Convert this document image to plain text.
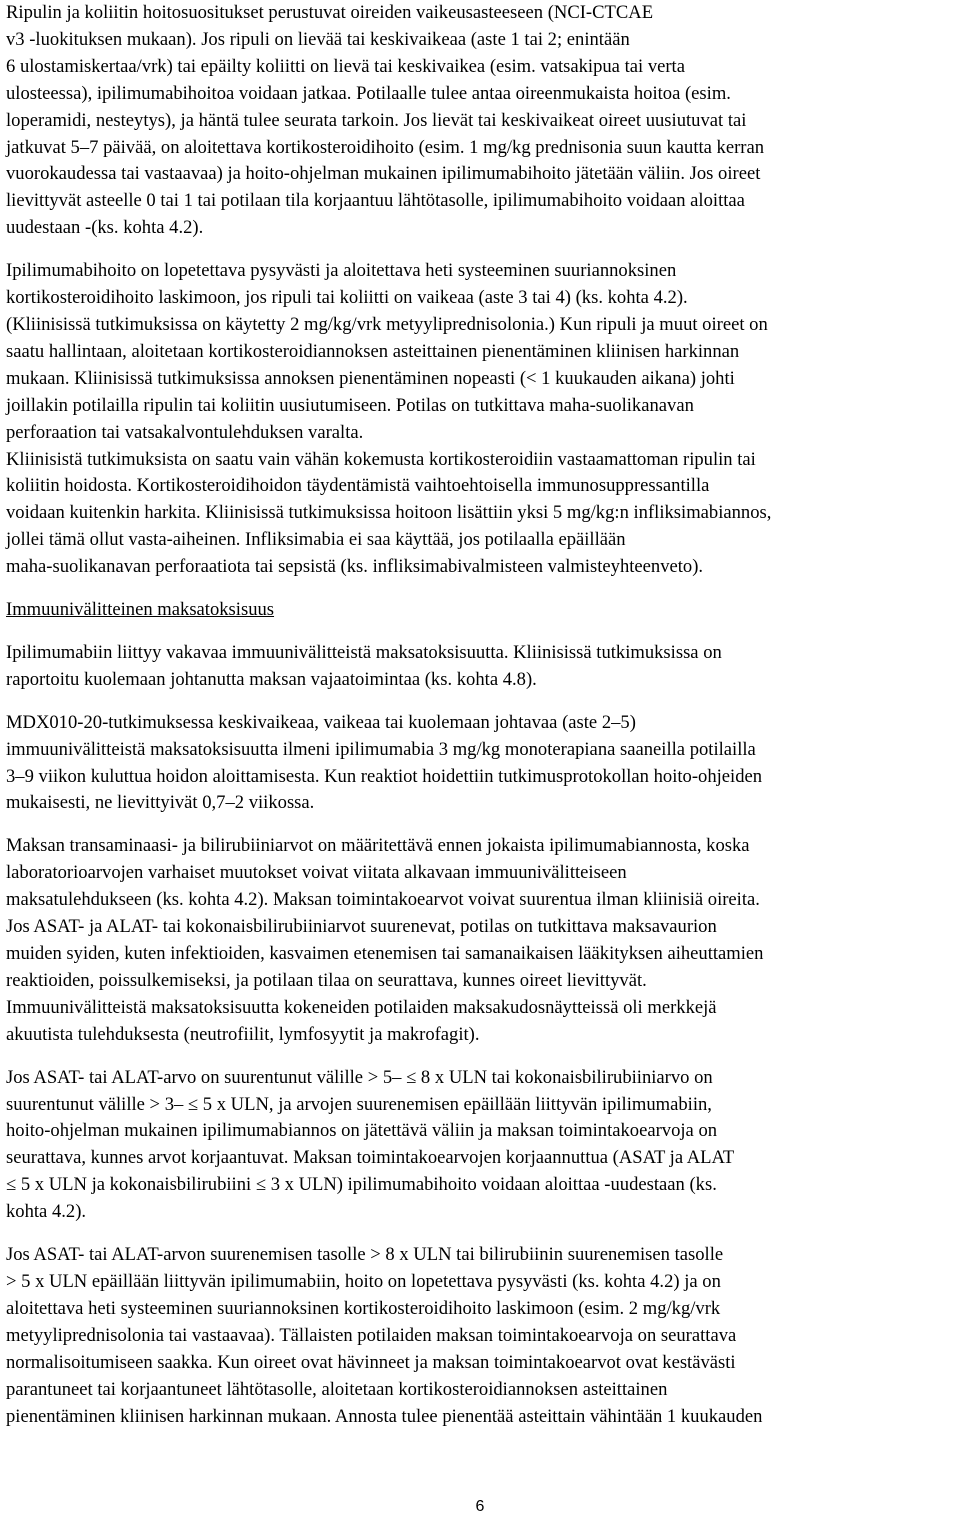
Ripulin ja koliitin hoitosuositukset perustuvat oireiden vaikeusasteeseen (NCI-CTCAE
v3 -luokituksen mukaan). Jos ripuli on lievää tai keskivaikeaa (aste 1 tai 2; enintään
6 ulostamiskertaa/vrk) tai epäilty koliitti on lievä tai keskivaikea (esim. vatsakipua tai verta
ulosteessa), ipilimumabihoitoa voidaan jatkaa. Potilaalle tulee antaa oireenmukaista hoitoa (esim.
loperamidi, nesteytys), ja häntä tulee seurata tarkoin. Jos lievät tai keskivaikeat oireet uusiutuvat tai
jatkuvat 5–7 päivää, on aloitettava kortikosteroidihoito (esim. 1 mg/kg prednisonia suun kautta kerran
vuorokaudessa tai vastaavaa) ja hoito-ohjelman mukainen ipilimumabihoito jätetään väliin. Jos oireet
lievittyvät asteelle 0 tai 1 tai potilaan tila korjaantuu lähtötasolle, ipilimumabihoito voidaan aloittaa
uudestaan -(ks. kohta 4.2).

Ipilimumabihoito on lopetettava pysyvästi ja aloitettava heti systeeminen suuriannoksinen
kortikosteroidihoito laskimoon, jos ripuli tai koliitti on vaikeaa (aste 3 tai 4) (ks. kohta 4.2).
(Kliinisissä tutkimuksissa on käytetty 2 mg/kg/vrk metyyliprednisolonia.) Kun ripuli ja muut oireet on
saatu hallintaan, aloitetaan kortikosteroidiannoksen asteittainen pienentäminen kliinisen harkinnan
mukaan. Kliinisissä tutkimuksissa annoksen pienentäminen nopeasti (< 1 kuukauden aikana) johti
joillakin potilailla ripulin tai koliitin uusiutumiseen. Potilas on tutkittava maha-suolikanavan
perforaation tai vatsakalvontulehduksen varalta.
Kliinisistä tutkimuksista on saatu vain vähän kokemusta kortikosteroidiin vastaamattoman ripulin tai
koliitin hoidosta. Kortikosteroidihoidon täydentämistä vaihtoehtoisella immunosuppressantilla
voidaan kuitenkin harkita. Kliinisissä tutkimuksissa hoitoon lisättiin yksi 5 mg/kg:n infliksimabiannos,
jollei tämä ollut vasta-aiheinen. Infliksimabia ei saa käyttää, jos potilaalla epäillään
maha-suolikanavan perforaatiota tai sepsistä (ks. infliksimabivalmisteen valmisteyhteenveto).

Immuunivälitteinen maksatoksisuus

Ipilimumabiin liittyy vakavaa immuunivälitteistä maksatoksisuutta. Kliinisissä tutkimuksissa on
raportoitu kuolemaan johtanutta maksan vajaatoimintaa (ks. kohta 4.8).

MDX010-20-tutkimuksessa keskivaikeaa, vaikeaa tai kuolemaan johtavaa (aste 2–5)
immuunivälitteistä maksatoksisuutta ilmeni ipilimumabia 3 mg/kg monoterapiana saaneilla potilailla
3–9 viikon kuluttua hoidon aloittamisesta. Kun reaktiot hoidettiin tutkimusprotokollan hoito-ohjeiden
mukaisesti, ne lievittyivät 0,7–2 viikossa.

Maksan transaminaasi- ja bilirubiiniarvot on määritettävä ennen jokaista ipilimumabiannosta, koska
laboratorioarvojen varhaiset muutokset voivat viitata alkavaan immuunivälitteiseen
maksatulehdukseen (ks. kohta 4.2). Maksan toimintakoearvot voivat suurentua ilman kliinisiä oireita.
Jos ASAT- ja ALAT- tai kokonaisbilirubiiniarvot suurenevat, potilas on tutkittava maksavaurion
muiden syiden, kuten infektioiden, kasvaimen etenemisen tai samanaikaisen lääkityksen aiheuttamien
reaktioiden, poissulkemiseksi, ja potilaan tilaa on seurattava, kunnes oireet lievittyvät.
Immuunivälitteistä maksatoksisuutta kokeneiden potilaiden maksakudosnäytteissä oli merkkejä
akuutista tulehduksesta (neutrofiilit, lymfosyytit ja makrofagit).

Jos ASAT- tai ALAT-arvo on suurentunut välille > 5– ≤ 8 x ULN tai kokonaisbilirubiiniarvo on
suurentunut välille > 3– ≤ 5 x ULN, ja arvojen suurenemisen epäillään liittyvän ipilimumabiin,
hoito-ohjelman mukainen ipilimumabiannos on jätettävä väliin ja maksan toimintakoearvoja on
seurattava, kunnes arvot korjaantuvat. Maksan toimintakoearvojen korjaannuttua (ASAT ja ALAT
≤ 5 x ULN ja kokonaisbilirubiini ≤ 3 x ULN) ipilimumabihoito voidaan aloittaa -uudestaan (ks.
kohta 4.2).

Jos ASAT- tai ALAT-arvon suurenemisen tasolle > 8 x ULN tai bilirubiinin suurenemisen tasolle
> 5 x ULN epäillään liittyvän ipilimumabiin, hoito on lopetettava pysyvästi (ks. kohta 4.2) ja on
aloitettava heti systeeminen suuriannoksinen kortikosteroidihoito laskimoon (esim. 2 mg/kg/vrk
metyyliprednisolonia tai vastaavaa). Tällaisten potilaiden maksan toimintakoearvoja on seurattava
normalisoitumiseen saakka. Kun oireet ovat hävinneet ja maksan toimintakoearvot ovat kestävästi
parantuneet tai korjaantuneet lähtötasolle, aloitetaan kortikosteroidiannoksen asteittainen
pienentäminen kliinisen harkinnan mukaan. Annosta tulee pienentää asteittain vähintään 1 kuukauden

6
